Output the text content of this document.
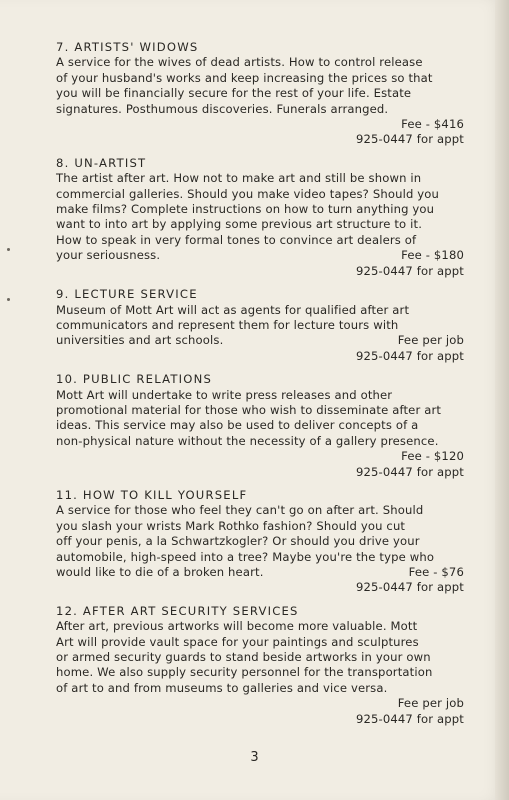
7. ARTISTS' WIDOWS
A service for the wives of dead artists. How to control release
of your husband's works and keep increasing the prices so that
you will be financially secure for the rest of your life. Estate
signatures. Posthumous discoveries. Funerals arranged.
Fee - $416
925-0447 for appt
8. UN-ARTIST
The artist after art. How not to make art and still be shown in
commercial galleries. Should you make video tapes? Should you
make films? Complete instructions on how to turn anything you
want to into art by applying some previous art structure to it.
How to speak in very formal tones to convince art dealers of
your seriousness.	Fee - $180
925-0447 for appt
9. LECTURE SERVICE
Museum of Mott Art will act as agents for qualified after art
communicators and represent them for lecture tours with
universities and art schools.	Fee per job
925-0447 for appt
10. PUBLIC RELATIONS
Mott Art will undertake to write press releases and other
promotional material for those who wish to disseminate after art
ideas. This service may also be used to deliver concepts of a
non-physical nature without the necessity of a gallery presence.
Fee - $120
925-0447 for appt
11. HOW TO KILL YOURSELF
A service for those who feel they can't go on after art. Should
you slash your wrists Mark Rothko fashion? Should you cut
off your penis, a la Schwartzkogler? Or should you drive your
automobile, high-speed into a tree? Maybe you're the type who
would like to die of a broken heart.	Fee - $76
925-0447 for appt
12. AFTER ART SECURITY SERVICES
After art, previous artworks will become more valuable. Mott
Art will provide vault space for your paintings and sculptures
or armed security guards to stand beside artworks in your own
home. We also supply security personnel for the transportation
of art to and from museums to galleries and vice versa.
Fee per job
925-0447 for appt
3
